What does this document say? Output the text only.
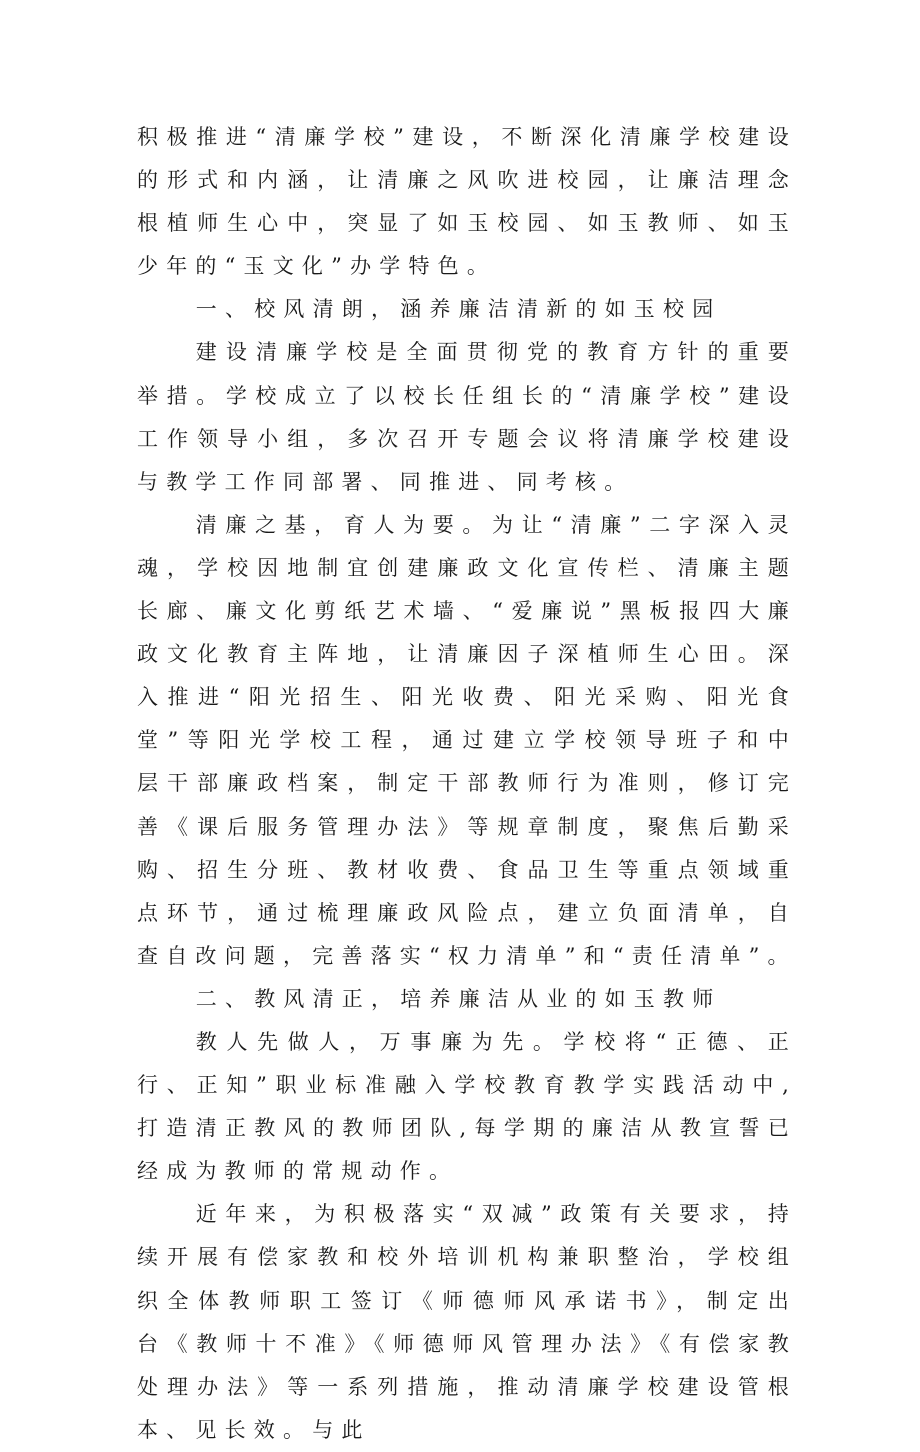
积极推进“清廉学校”建设，不断深化清廉学校建设的形式和内涵，让清廉之风吹进校园，让廉洁理念根植师生心中，突显了如玉校园、如玉教师、如玉少年的“玉文化”办学特色。

一、校风清朗，涵养廉洁清新的如玉校园

建设清廉学校是全面贯彻党的教育方针的重要举措。学校成立了以校长任组长的“清廉学校”建设工作领导小组，多次召开专题会议将清廉学校建设与教学工作同部署、同推进、同考核。

清廉之基，育人为要。为让“清廉”二字深入灵魂，学校因地制宜创建廉政文化宣传栏、清廉主题长廊、廉文化剪纸艺术墙、“爱廉说”黑板报四大廉政文化教育主阵地，让清廉因子深植师生心田。深入推进“阳光招生、阳光收费、阳光采购、阳光食堂”等阳光学校工程，通过建立学校领导班子和中层干部廉政档案，制定干部教师行为准则，修订完善《课后服务管理办法》等规章制度，聚焦后勤采购、招生分班、教材收费、食品卫生等重点领域重点环节，通过梳理廉政风险点，建立负面清单，自查自改问题，完善落实“权力清单”和“责任清单”。

二、教风清正，培养廉洁从业的如玉教师

教人先做人，万事廉为先。学校将“正德、正行、正知”职业标准融入学校教育教学实践活动中,打造清正教风的教师团队,每学期的廉洁从教宣誓已经成为教师的常规动作。

近年来，为积极落实“双减”政策有关要求，持续开展有偿家教和校外培训机构兼职整治，学校组织全体教师职工签订《师德师风承诺书》，制定出台《教师十不准》《师德师风管理办法》《有偿家教处理办法》等一系列措施，推动清廉学校建设管根本、见长效。与此
